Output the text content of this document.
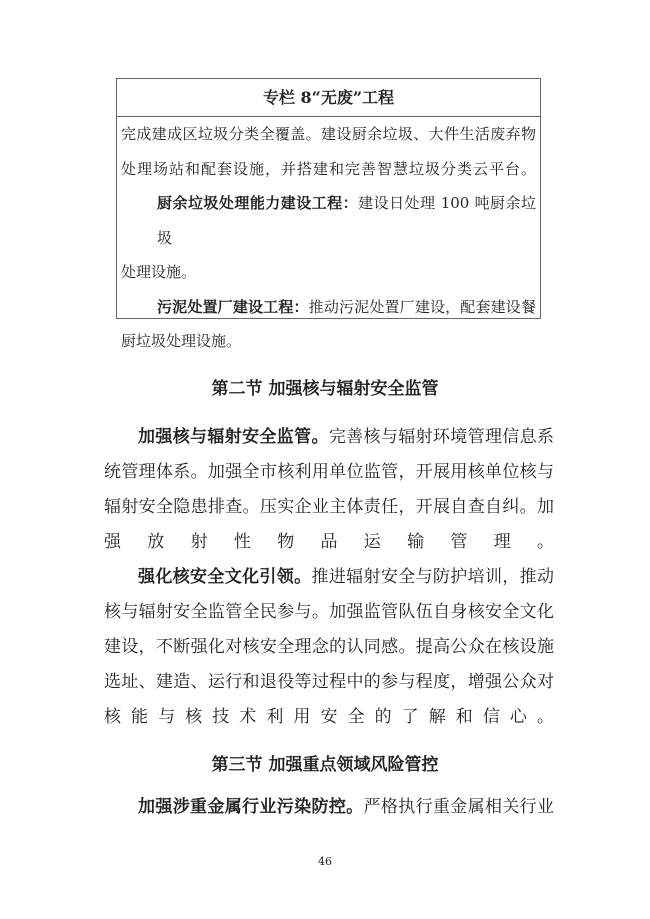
专栏 8“无废”工程
完成建成区垃圾分类全覆盖。建设厨余垃圾、大件生活废弃物
处理场站和配套设施，并搭建和完善智慧垃圾分类云平台。
厨余垃圾处理能力建设工程：建设日处理 100 吨厨余垃圾
处理设施。
污泥处置厂建设工程：推动污泥处置厂建设，配套建设餐
厨垃圾处理设施。
第二节 加强核与辐射安全监管
加强核与辐射安全监管。完善核与辐射环境管理信息系
统管理体系。加强全市核利用单位监管，开展用核单位核与
辐射安全隐患排查。压实企业主体责任，开展自查自纠。加
强放射性物品运输管理。
强化核安全文化引领。推进辐射安全与防护培训，推动
核与辐射安全监管全民参与。加强监管队伍自身核安全文化
建设，不断强化对核安全理念的认同感。提高公众在核设施
选址、建造、运行和退役等过程中的参与程度，增强公众对
核能与核技术利用安全的了解和信心。
第三节 加强重点领域风险管控
加强涉重金属行业污染防控。严格执行重金属相关行业
46
